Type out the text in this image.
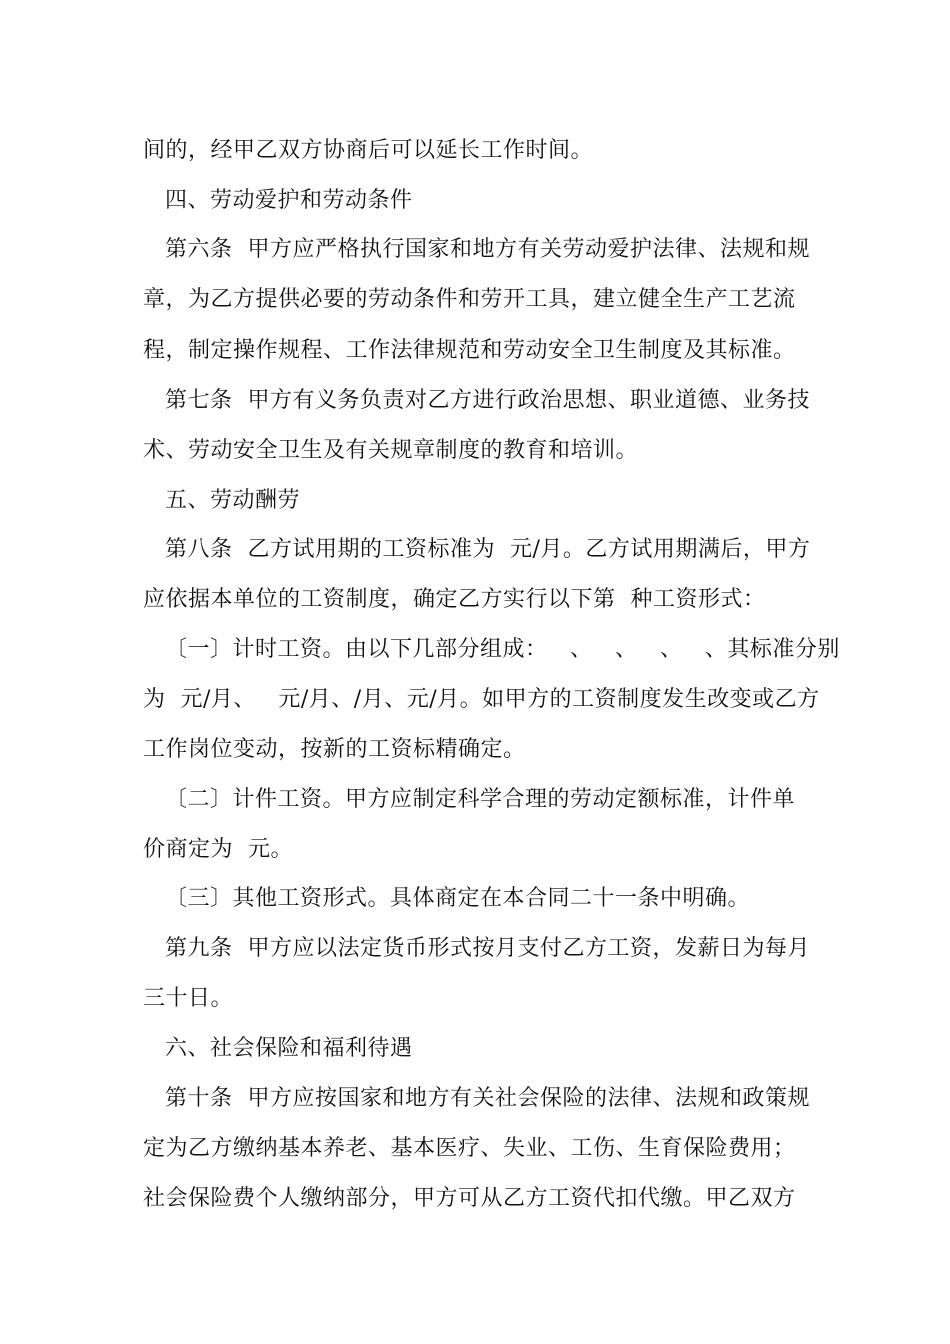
间的，经甲乙双方协商后可以延长工作时间。
四、劳动爱护和劳动条件
第六条  甲方应严格执行国家和地方有关劳动爱护法律、法规和规
章，为乙方提供必要的劳动条件和劳开工具，建立健全生产工艺流
程，制定操作规程、工作法律规范和劳动安全卫生制度及其标准。
第七条  甲方有义务负责对乙方进行政治思想、职业道德、业务技
术、劳动安全卫生及有关规章制度的教育和培训。
五、劳动酬劳
第八条  乙方试用期的工资标准为  元/月。乙方试用期满后，甲方
应依据本单位的工资制度，确定乙方实行以下第  种工资形式：
〔一〕计时工资。由以下几部分组成：   、   、   、   、其标准分别
为  元/月、   元/月、/月、元/月。如甲方的工资制度发生改变或乙方
工作岗位变动，按新的工资标精确定。
〔二〕计件工资。甲方应制定科学合理的劳动定额标准，计件单
价商定为  元。
〔三〕其他工资形式。具体商定在本合同二十一条中明确。
第九条  甲方应以法定货币形式按月支付乙方工资，发薪日为每月
三十日。
六、社会保险和福利待遇
第十条  甲方应按国家和地方有关社会保险的法律、法规和政策规
定为乙方缴纳基本养老、基本医疗、失业、工伤、生育保险费用；
社会保险费个人缴纳部分，甲方可从乙方工资代扣代缴。甲乙双方
